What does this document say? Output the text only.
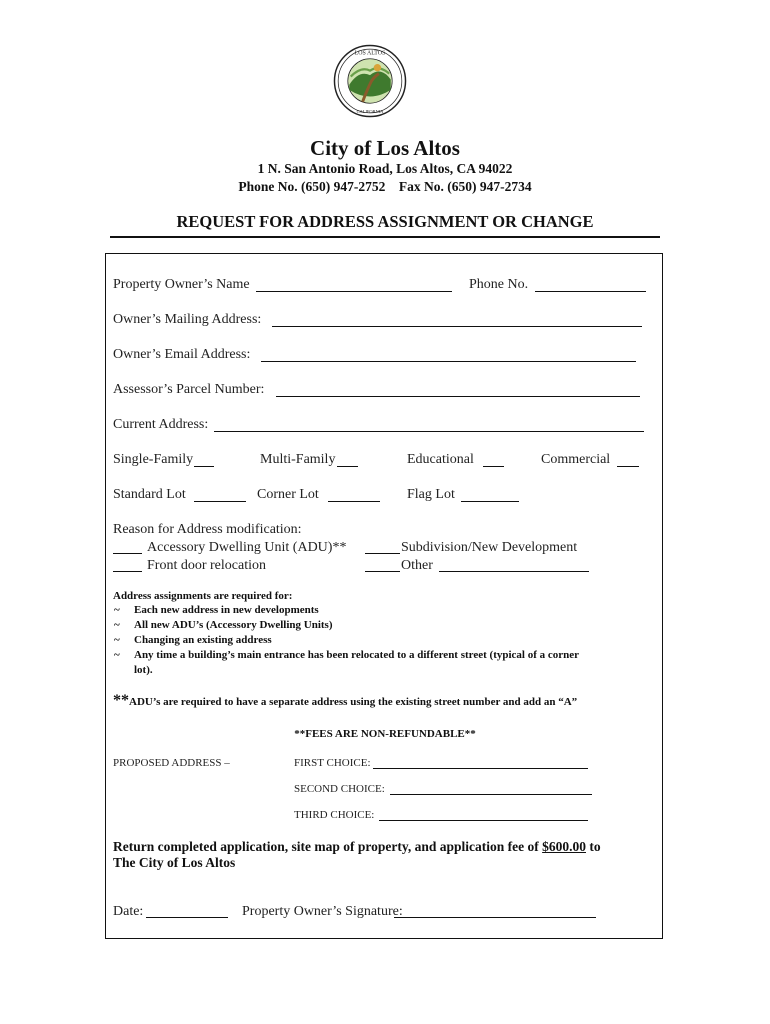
LOS ALTOS
CALIFORNIA
City of Los Altos
1 N. San Antonio Road, Los Altos, CA 94022
Phone No. (650) 947-2752    Fax No. (650) 947-2734
REQUEST FOR ADDRESS ASSIGNMENT OR CHANGE
Property Owner’s Name	Phone No.
Owner’s Mailing Address:
Owner’s Email Address:
Assessor’s Parcel Number:
Current Address:
Single-Family	Multi-Family	Educational	Commercial
Standard Lot	Corner Lot	Flag Lot
Reason for Address modification:
Accessory Dwelling Unit (ADU)**	Subdivision/New Development
Front door relocation	Other
Address assignments are required for:
~ Each new address in new developments
~ All new ADU’s (Accessory Dwelling Units)
~ Changing an existing address
~ Any time a building’s main entrance has been relocated to a different street (typical of a corner
lot).
**ADU’s are required to have a separate address using the existing street number and add an “A”
**FEES ARE NON-REFUNDABLE**
PROPOSED ADDRESS –	FIRST CHOICE:
SECOND CHOICE:
THIRD CHOICE:
Return completed application, site map of property, and application fee of $600.00 to
The City of Los Altos
Date:	Property Owner’s Signature:
